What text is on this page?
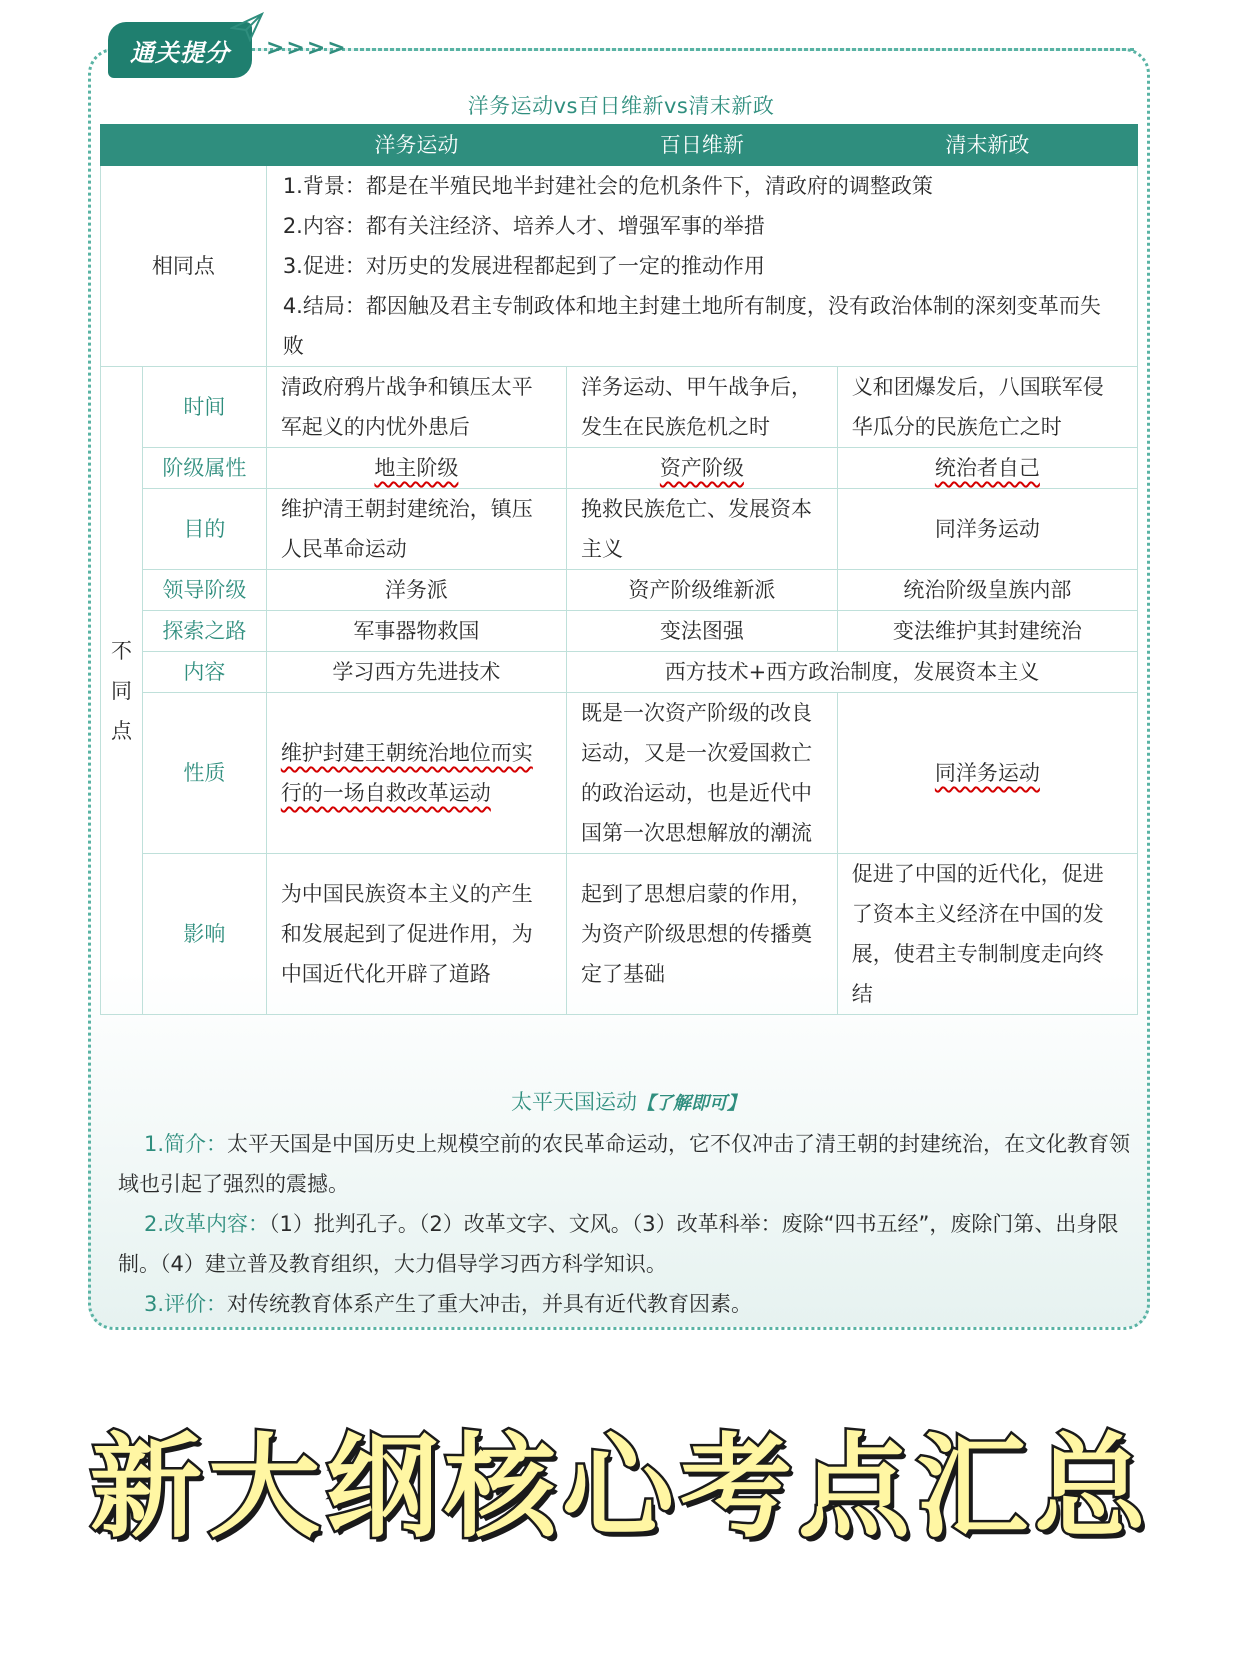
通关提分	>>>>
洋务运动vs百日维新vs清末新政
		洋务运动	百日维新	清末新政
相同点		1.背景：都是在半殖民地半封建社会的危机条件下，清政府的调整政策
2.内容：都有关注经济、培养人才、增强军事的举措
3.促进：对历史的发展进程都起到了一定的推动作用
4.结局：都因触及君主专制政体和地主封建土地所有制度，没有政治体制的深刻变革而失败		

不
同
点	时间	清政府鸦片战争和镇压太平军起义的内忧外患后	洋务运动、甲午战争后，发生在民族危机之时	义和团爆发后，八国联军侵华瓜分的民族危亡之时
	阶级属性	地主阶级	资产阶级	统治者自己
	目的	维护清王朝封建统治，镇压人民革命运动	挽救民族危亡、发展资本主义	同洋务运动
	领导阶级	洋务派	资产阶级维新派	统治阶级皇族内部
	探索之路	军事器物救国	变法图强	变法维护其封建统治
	内容	学习西方先进技术	西方技术+西方政治制度，发展资本主义	
	性质	维护封建王朝统治地位而实行的一场自救改革运动	既是一次资产阶级的改良运动，又是一次爱国救亡的政治运动，也是近代中国第一次思想解放的潮流	同洋务运动
	影响	为中国民族资本主义的产生和发展起到了促进作用，为中国近代化开辟了道路	起到了思想启蒙的作用，为资产阶级思想的传播奠定了基础	促进了中国的近代化，促进了资本主义经济在中国的发展，使君主专制制度走向终结
太平天国运动【了解即可】
1.简介：太平天国是中国历史上规模空前的农民革命运动，它不仅冲击了清王朝的封建统治，在文化教育领域也引起了强烈的震撼。
2.改革内容：（1）批判孔子。（2）改革文字、文风。（3）改革科举：废除“四书五经”，废除门第、出身限制。（4）建立普及教育组织，大力倡导学习西方科学知识。
3.评价：对传统教育体系产生了重大冲击，并具有近代教育因素。
新大纲核心考点汇总
